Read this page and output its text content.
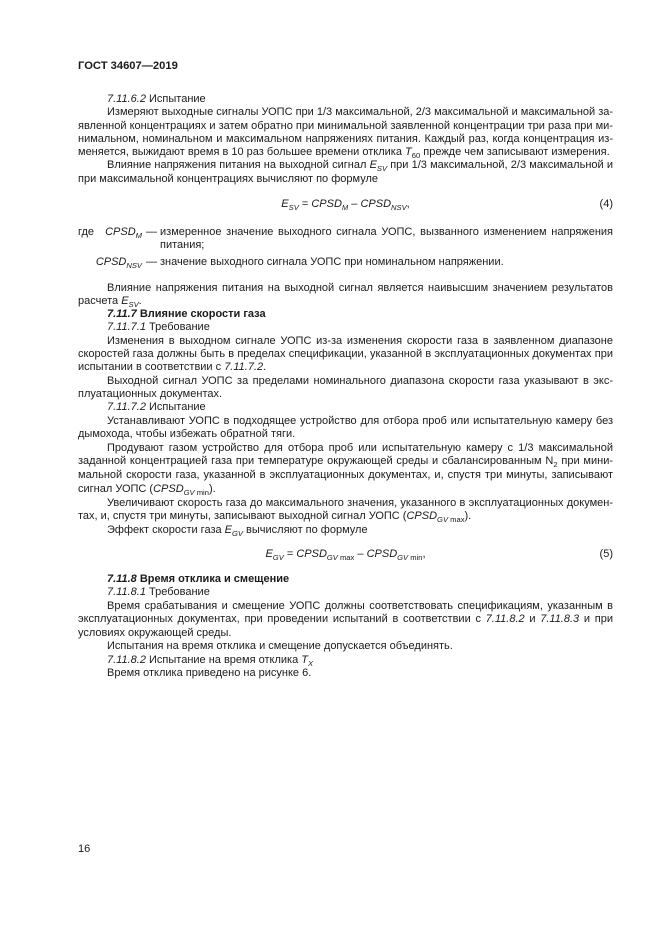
ГОСТ 34607—2019
7.11.6.2 Испытание
Измеряют выходные сигналы УОПС при 1/3 максимальной, 2/3 максимальной и максимальной за-
явленной концентрациях и затем обратно при минимальной заявленной концентрации три раза при ми-
нимальном, номинальном и максимальном напряжениях питания. Каждый раз, когда концентрация из-
меняется, выжидают время в 10 раз большее времени отклика $T_{60}$ прежде чем записывают измерения.
Влияние напряжения питания на выходной сигнал $E_{SV}$ при 1/3 максимальной, 2/3 максимальной и
при максимальной концентрациях вычисляют по формуле
$E_{SV}$ = $CPSD_M$ – $CPSD_{NSV}$,	(4)
где	$CPSD_M$ — измеренное значение выходного сигнала УОПС, вызванного изменением напряжения
питания;
$CPSD_{NSV}$ — значение выходного сигнала УОПС при номинальном напряжении.
Влияние напряжения питания на выходной сигнал является наивысшим значением результатов
расчета $E_{SV}$.
7.11.7 Влияние скорости газа
7.11.7.1 Требование
Изменения в выходном сигнале УОПС из-за изменения скорости газа в заявленном диапазоне
скоростей газа должны быть в пределах спецификации, указанной в эксплуатационных документах при
испытании в соответствии с 7.11.7.2.
Выходной сигнал УОПС за пределами номинального диапазона скорости газа указывают в экс-
плуатационных документах.
7.11.7.2 Испытание
Устанавливают УОПС в подходящее устройство для отбора проб или испытательную камеру без
дымохода, чтобы избежать обратной тяги.
Продувают газом устройство для отбора проб или испытательную камеру с 1/3 максимальной
заданной концентрацией газа при температуре окружающей среды и сбалансированным $N_2$ при мини-
мальной скорости газа, указанной в эксплуатационных документах, и, спустя три минуты, записывают
сигнал УОПС ($CPSD_{GV}$ $_{min}$).
Увеличивают скорость газа до максимального значения, указанного в эксплуатационных докумен-
тах, и, спустя три минуты, записывают выходной сигнал УОПС ($CPSD_{GV}$ $_{max}$).
Эффект скорости газа $E_{GV}$ вычисляют по формуле
$E_{GV}$ = $CPSD_{GV}$ $_{max} - CPSD_{GV}$ $_{min}$,	(5)
7.11.8 Время отклика и смещение
7.11.8.1 Требование
Время срабатывания и смещение УОПС должны соответствовать спецификациям, указанным в
эксплуатационных документах, при проведении испытаний в соответствии с 7.11.8.2 и 7.11.8.3 и при
условиях окружающей среды.
Испытания на время отклика и смещение допускается объединять.
7.11.8.2 Испытание на время отклика $T_X$
Время отклика приведено на рисунке 6.
16
